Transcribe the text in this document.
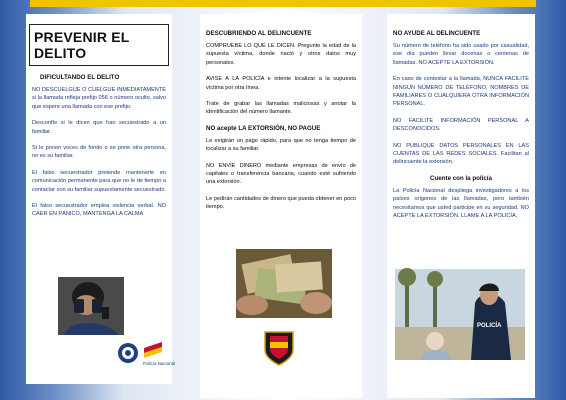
PREVENIR EL DELITO
DIFICULTANDO EL DELITO

NO DESCUELGUE O CUELGUE INMEDIATAMENTE si la llamada refleja prefijo 056 o número oculto, salvo que espere una llamada con ese prefijo.

Desconfíe si le dicen que han secuestrado a un familiar.

Si le ponen voces de fondo o se pone otra persona, no es su familiar.

El falso secuestrador pretende mantenerle en comunicación permanente para que no le de tiempo a contactar con su familiar supuestamente secuestrado.

El falso secuestrador emplea violencia verbal. NO CAER EN PÁNICO, MANTENGA LA CALMA

Policía Nacional
DESCUBRIENDO AL DELINCUENTE

COMPRUEBE LO QUE LE DICEN. Pregunte la edad de la supuesta víctima, donde nació y otros datos muy personales.

AVISE A LA POLICÍA e intente localizar a la supuesta víctima por otra línea.

Trate de grabar las llamadas maliciosas y anotar la identificación del número llamante.

NO acepte LA EXTORSIÓN, NO PAGUE

Le exigirán un pago rápido, para que no tenga tiempo de localizar a su familiar.

NO ENVÍE DINERO mediante empresas de envío de capitales o transferencia bancaria, cuando esté sufriendo una extorsión.

Le pedirán cantidades de dinero que pueda obtener en poco tiempo.

NO AYUDE AL DELINCUENTE

Su número de teléfono ha sido usado por casualidad, ese día pueden llevar docenas o centenas de llamadas. NO ACEPTE LA EXTORSIÓN.

En caso de contestar a la llamada, NUNCA FACILITE NINGÚN NÚMERO DE TELÉFONO, NOMBRES DE FAMILIARES O CUALQUIERA OTRA INFORMACIÓN PERSONAL.

NO FACILITE INFORMACIÓN PERSONAL A DESCONOCIDOS.

NO PUBLIQUE DATOS PERSONALES EN LAS CUENTAS DE LAS REDES SOCIALES. Facilitan al delincuente la extorsión.

Cuente con la policía

La Policía Nacional despliega investigadores a los países orígenes de las llamadas, pero también necesitamos que usted participe en su seguridad. NO ACEPTE LA EXTORSIÓN. LLAME A LA POLICÍA.

POLICÍA
